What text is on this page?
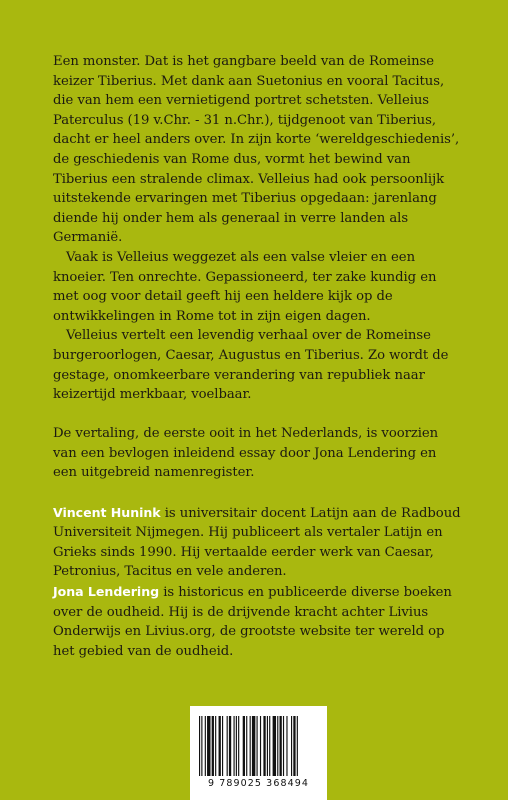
Een monster. Dat is het gangbare beeld van de Romeinse keizer Tiberius. Met dank aan Suetonius en vooral Tacitus, die van hem een vernietigend portret schetsten. Velleius Paterculus (19 v.Chr. - 31 n.Chr.), tijdgenoot van Tiberius, dacht er heel anders over. In zijn korte ‘wereldgeschiedenis’, de geschiedenis van Rome dus, vormt het bewind van Tiberius een stralende climax. Velleius had ook persoonlijk uitstekende ervaringen met Tiberius opgedaan: jarenlang diende hij onder hem als generaal in verre landen als Germanië.

Vaak is Velleius weggezet als een valse vleier en een knoeier. Ten onrechte. Gepassioneerd, ter zake kundig en met oog voor detail geeft hij een heldere kijk op de ontwikkelingen in Rome tot in zijn eigen dagen.

Velleius vertelt een levendig verhaal over de Romeinse burgeroorlogen, Caesar, Augustus en Tiberius. Zo wordt de gestage, onomkeerbare verandering van republiek naar keizertijd merkbaar, voelbaar.

De vertaling, de eerste ooit in het Nederlands, is voorzien van een bevlogen inleidend essay door Jona Lendering en een uitgebreid namenregister.

Vincent Hunink is universitair docent Latijn aan de Radboud Universiteit Nijmegen. Hij publiceert als vertaler Latijn en Grieks sinds 1990. Hij vertaalde eerder werk van Caesar, Petronius, Tacitus en vele anderen.

Jona Lendering is historicus en publiceerde diverse boeken over de oudheid. Hij is de drijvende kracht achter Livius Onderwijs en Livius.org, de grootste website ter wereld op het gebied van de oudheid.

9 789025 368494
